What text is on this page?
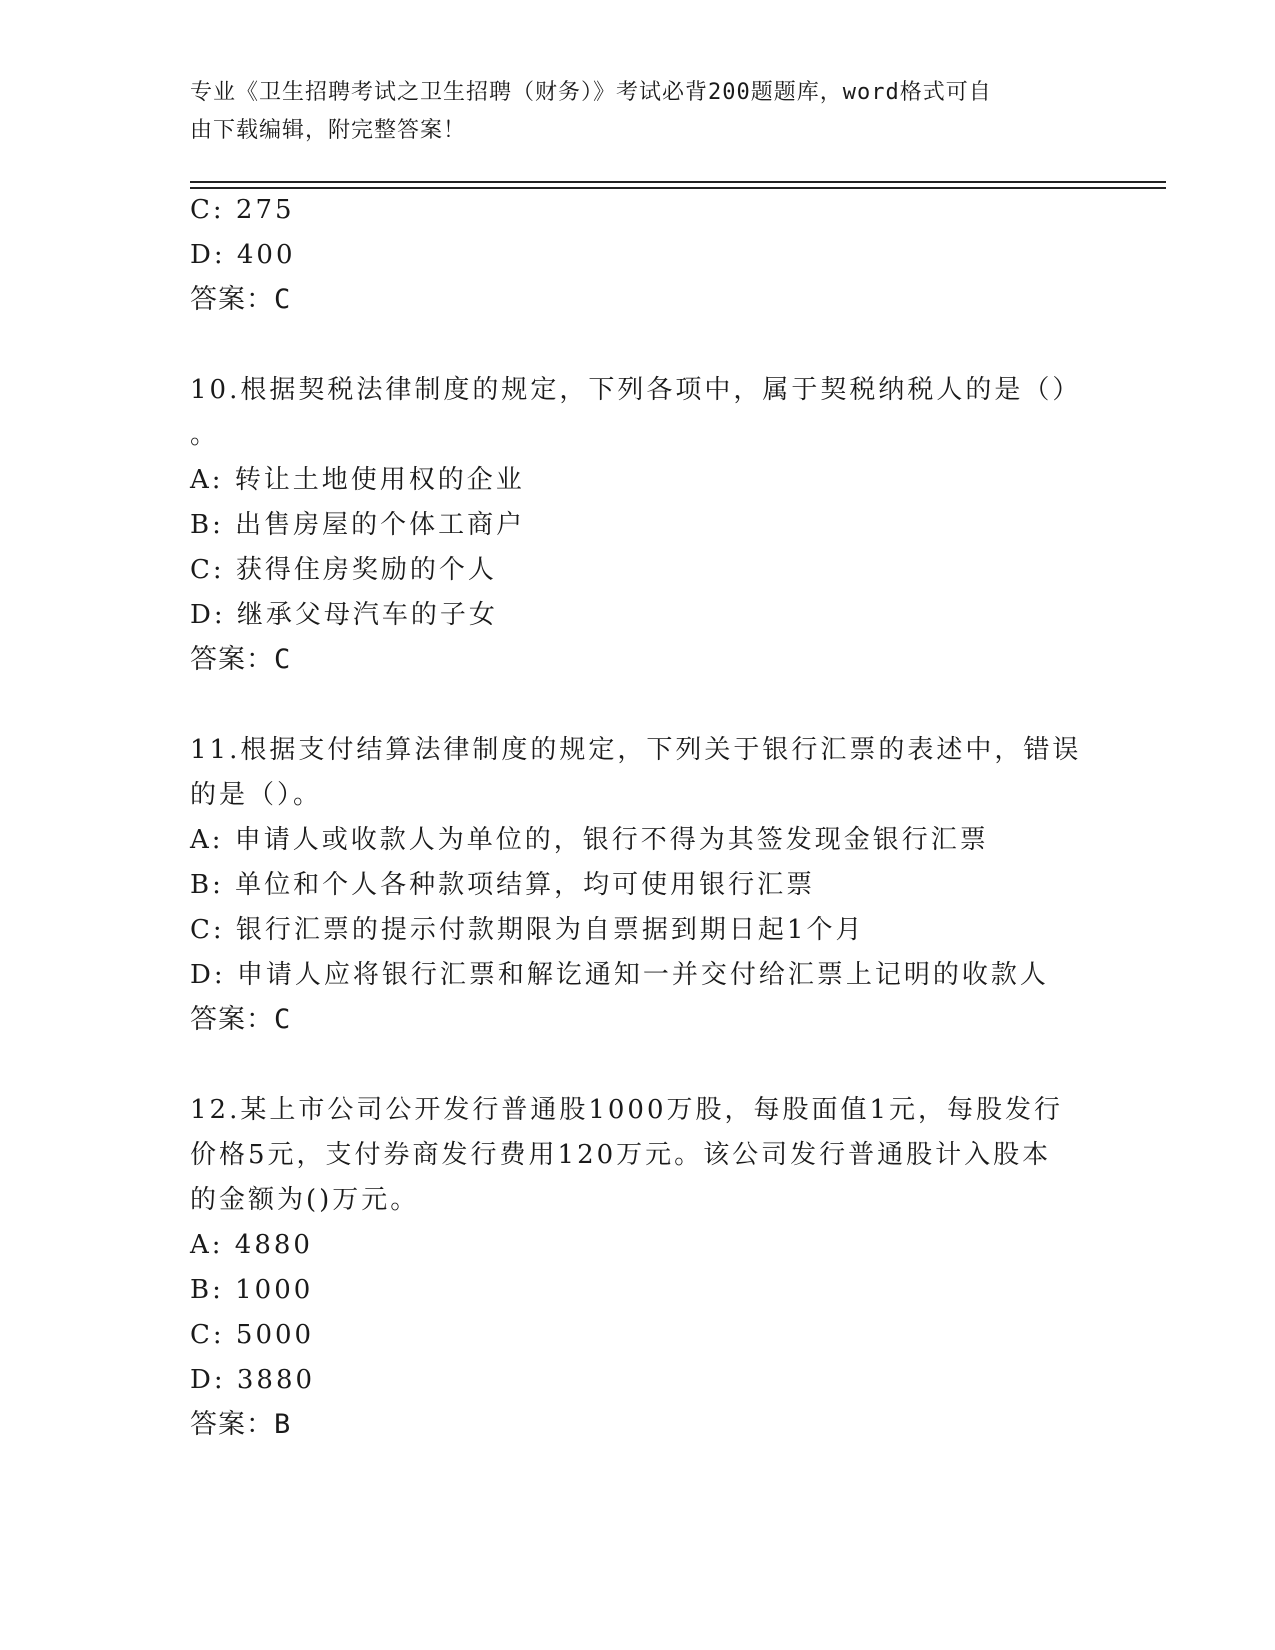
专业《卫生招聘考试之卫生招聘（财务）》考试必背200题题库，word格式可自
由下载编辑，附完整答案！
C: 275
D: 400
答案：C
10.根据契税法律制度的规定，下列各项中，属于契税纳税人的是（）
。
A: 转让土地使用权的企业
B: 出售房屋的个体工商户
C: 获得住房奖励的个人
D: 继承父母汽车的子女
答案：C
11.根据支付结算法律制度的规定，下列关于银行汇票的表述中，错误
的是（）。
A: 申请人或收款人为单位的，银行不得为其签发现金银行汇票
B: 单位和个人各种款项结算，均可使用银行汇票
C: 银行汇票的提示付款期限为自票据到期日起1个月
D: 申请人应将银行汇票和解讫通知一并交付给汇票上记明的收款人
答案：C
12.某上市公司公开发行普通股1000万股，每股面值1元，每股发行
价格5元，支付券商发行费用120万元。该公司发行普通股计入股本
的金额为()万元。
A: 4880
B: 1000
C: 5000
D: 3880
答案：B
